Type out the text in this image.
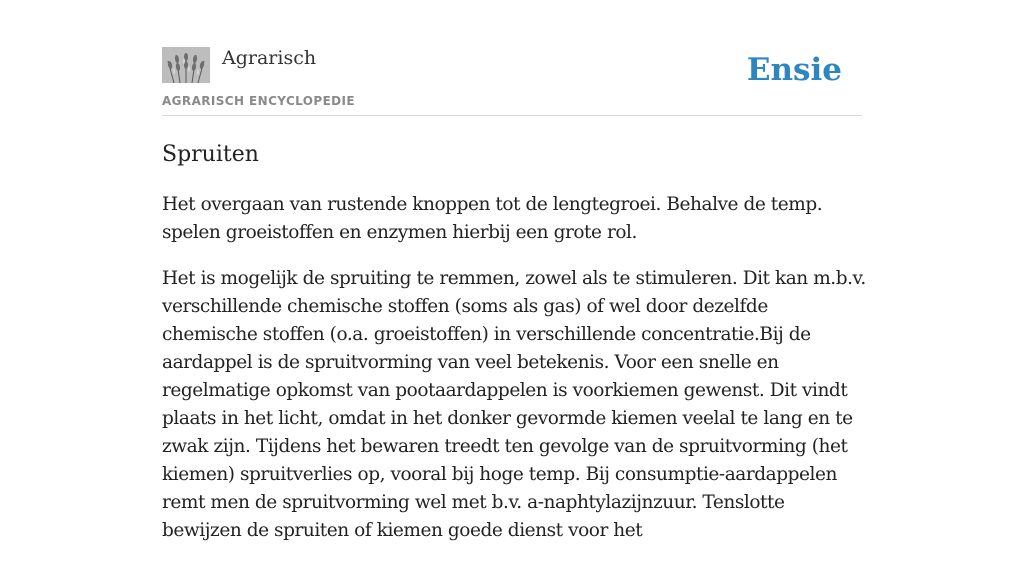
Agrarisch
AGRARISCH ENCYCLOPEDIE
Ensie
Spruiten

Het overgaan van rustende knoppen tot de lengtegroei. Behalve de temp. spelen groeistoffen en enzymen hierbij een grote rol.

Het is mogelijk de spruiting te remmen, zowel als te stimuleren. Dit kan m.b.v. verschillende chemische stoffen (soms als gas) of wel door dezelfde chemische stoffen (o.a. groeistoffen) in verschillende concentratie.Bij de aardappel is de spruitvorming van veel betekenis. Voor een snelle en regelmatige opkomst van pootaardappelen is voorkiemen gewenst. Dit vindt plaats in het licht, omdat in het donker gevormde kiemen veelal te lang en te zwak zijn. Tijdens het bewaren treedt ten gevolge van de spruitvorming (het kiemen) spruitverlies op, vooral bij hoge temp. Bij consumptie-aardappelen remt men de spruitvorming wel met b.v. a-naphtylazijnzuur. Tenslotte bewijzen de spruiten of kiemen goede dienst voor het
